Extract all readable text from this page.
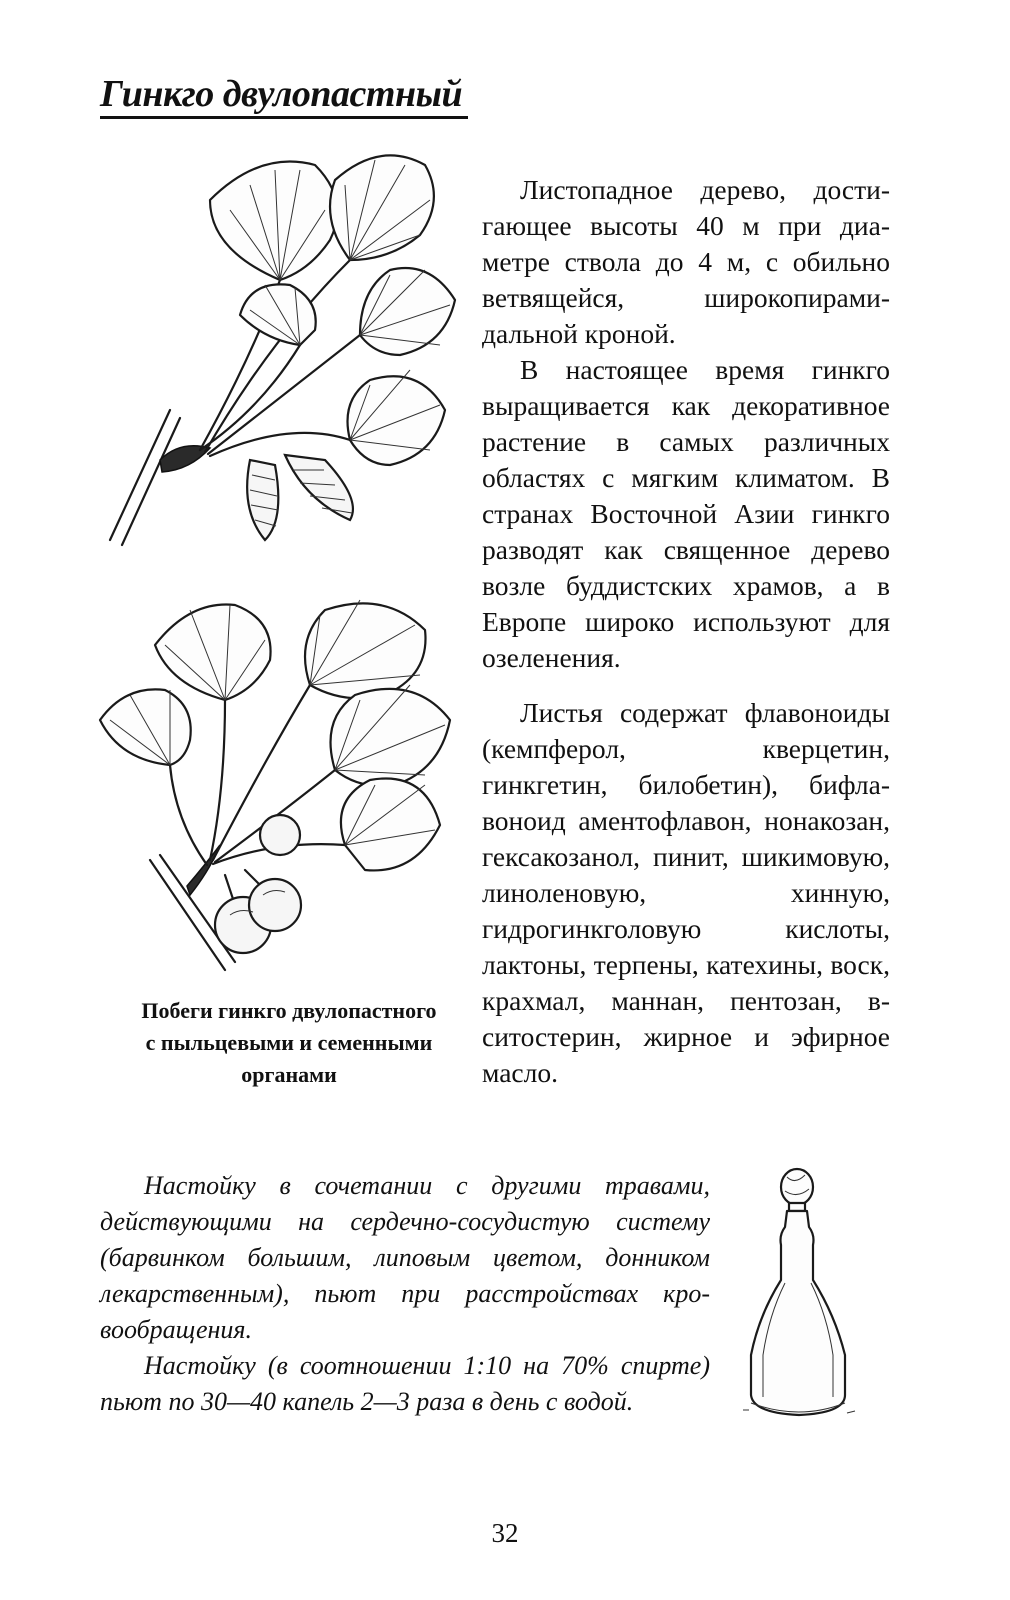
Гинкго двулопастный

Листопадное дерево, достигающее высоты 40 м при диаметре ствола до 4 м, с обильно ветвящейся, широкопирамидальной кроной.

В настоящее время гинкго выращивается как декоративное растение в самых различных областях с мягким климатом. В странах Восточной Азии гинкго разводят как священное дерево возле буддистских храмов, а в Европе широко используют для озеленения.

Листья содержат флавоноиды (кемпферол, кверцетин, гинкгетин, билобетин), бифлавоноид аментофлавон, нонакозан, гексакозанол, пинит, шикимовую, линоленовую, хинную, гидрогинкголовую кислоты, лактоны, терпены, катехины, воск, крахмал, маннан, пентозан, в-ситостерин, жирное и эфирное масло.

Побеги гинкго двулопастного
с пыльцевыми и семенными
органами

Настойку в сочетании с другими травами, действующими на сердечно-сосудистую систему (барвинком большим, липовым цветом, донником лекарственным), пьют при расстройствах кровообращения.

Настойку (в соотношении 1:10 на 70% спирте) пьют по 30—40 капель 2—3 раза в день с водой.

32
